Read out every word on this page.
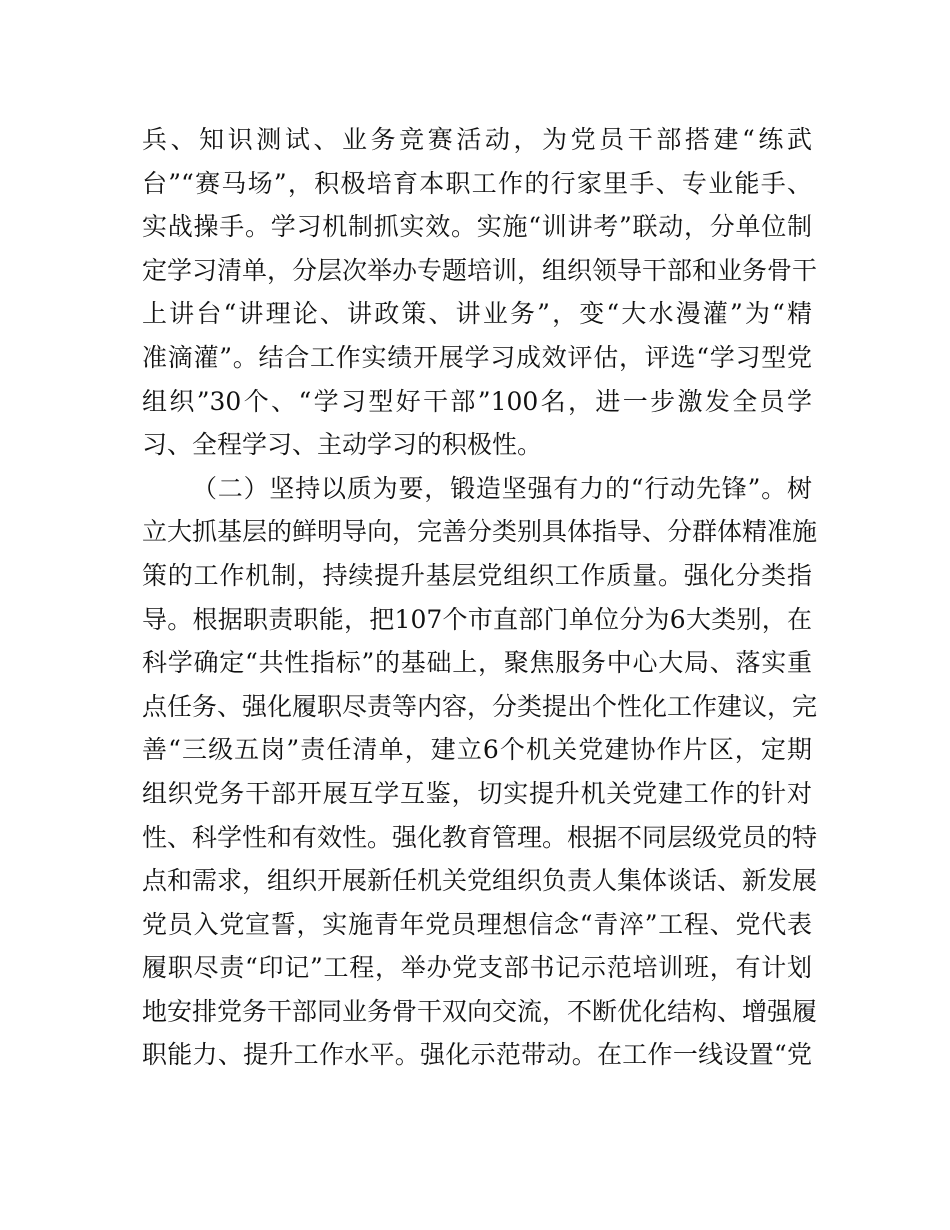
兵、知识测试、业务竞赛活动，为党员干部搭建“练武
台”“赛马场”，积极培育本职工作的行家里手、专业能手、
实战操手。学习机制抓实效。实施“训讲考”联动，分单位制
定学习清单，分层次举办专题培训，组织领导干部和业务骨干
上讲台“讲理论、讲政策、讲业务”，变“大水漫灌”为“精
准滴灌”。结合工作实绩开展学习成效评估，评选“学习型党
组织”30个、“学习型好干部”100名，进一步激发全员学
习、全程学习、主动学习的积极性。
（二）坚持以质为要，锻造坚强有力的“行动先锋”。树
立大抓基层的鲜明导向，完善分类别具体指导、分群体精准施
策的工作机制，持续提升基层党组织工作质量。强化分类指
导。根据职责职能，把107个市直部门单位分为6大类别，在
科学确定“共性指标”的基础上，聚焦服务中心大局、落实重
点任务、强化履职尽责等内容，分类提出个性化工作建议，完
善“三级五岗”责任清单，建立6个机关党建协作片区，定期
组织党务干部开展互学互鉴，切实提升机关党建工作的针对
性、科学性和有效性。强化教育管理。根据不同层级党员的特
点和需求，组织开展新任机关党组织负责人集体谈话、新发展
党员入党宣誓，实施青年党员理想信念“青淬”工程、党代表
履职尽责“印记”工程，举办党支部书记示范培训班，有计划
地安排党务干部同业务骨干双向交流，不断优化结构、增强履
职能力、提升工作水平。强化示范带动。在工作一线设置“党
